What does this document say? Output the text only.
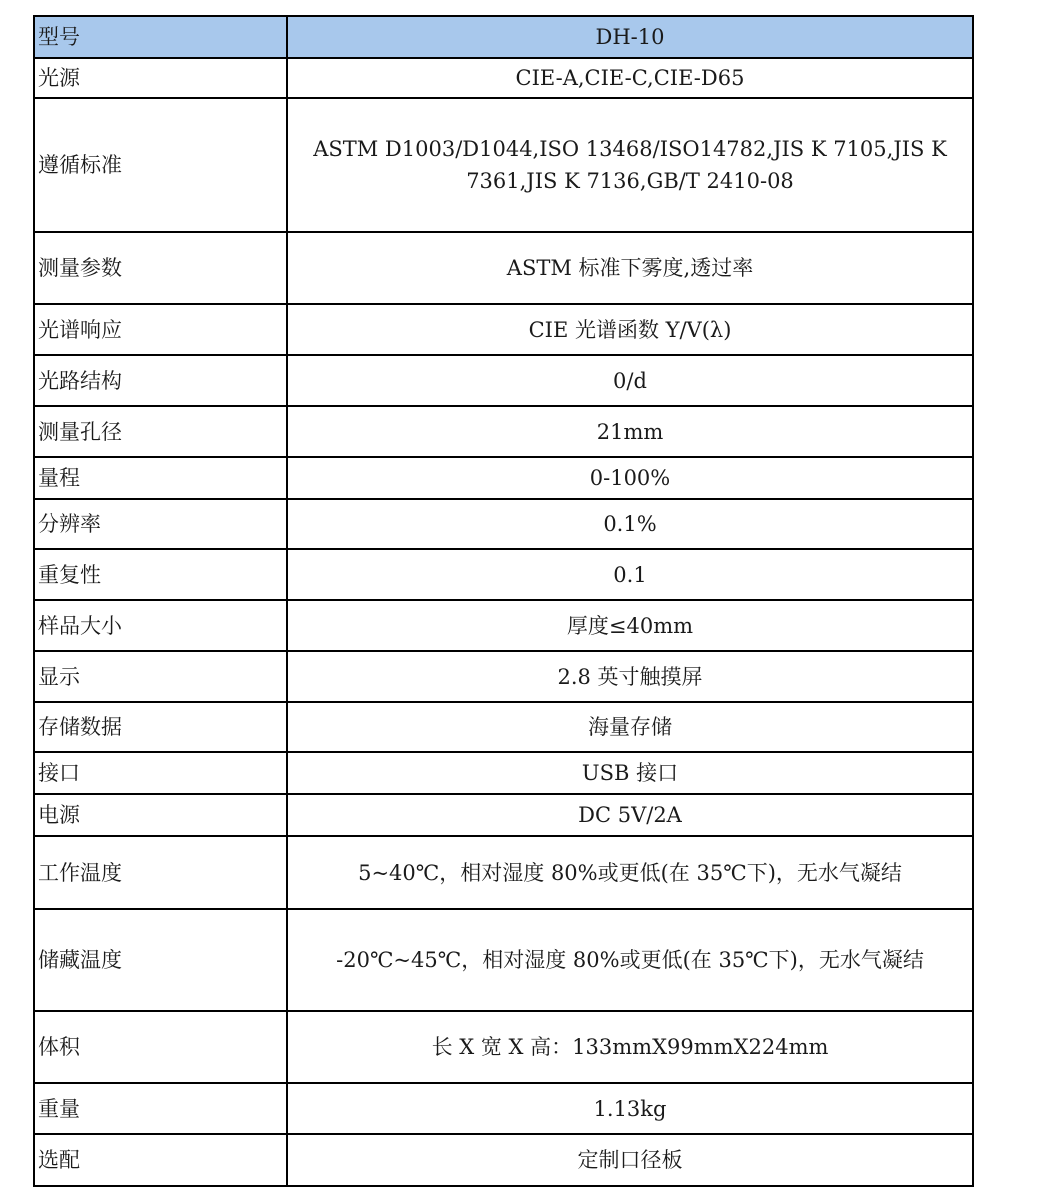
型号	DH-10
光源	CIE-A,CIE-C,CIE-D65
遵循标准	ASTM D1003/D1044,ISO 13468/ISO14782,JIS K 7105,JIS K 7361,JIS K 7136,GB/T 2410-08
测量参数	ASTM 标准下雾度,透过率
光谱响应	CIE 光谱函数 Y/V(λ)
光路结构	0/d
测量孔径	21mm
量程	0-100%
分辨率	0.1%
重复性	0.1
样品大小	厚度≤40mm
显示	2.8 英寸触摸屏
存储数据	海量存储
接口	USB 接口
电源	DC 5V/2A
工作温度	5~40℃，相对湿度 80%或更低(在 35℃下)，无水气凝结
储藏温度	-20℃~45℃，相对湿度 80%或更低(在 35℃下)，无水气凝结
体积	长 X 宽 X 高：133mmX99mmX224mm
重量	1.13kg
选配	定制口径板
